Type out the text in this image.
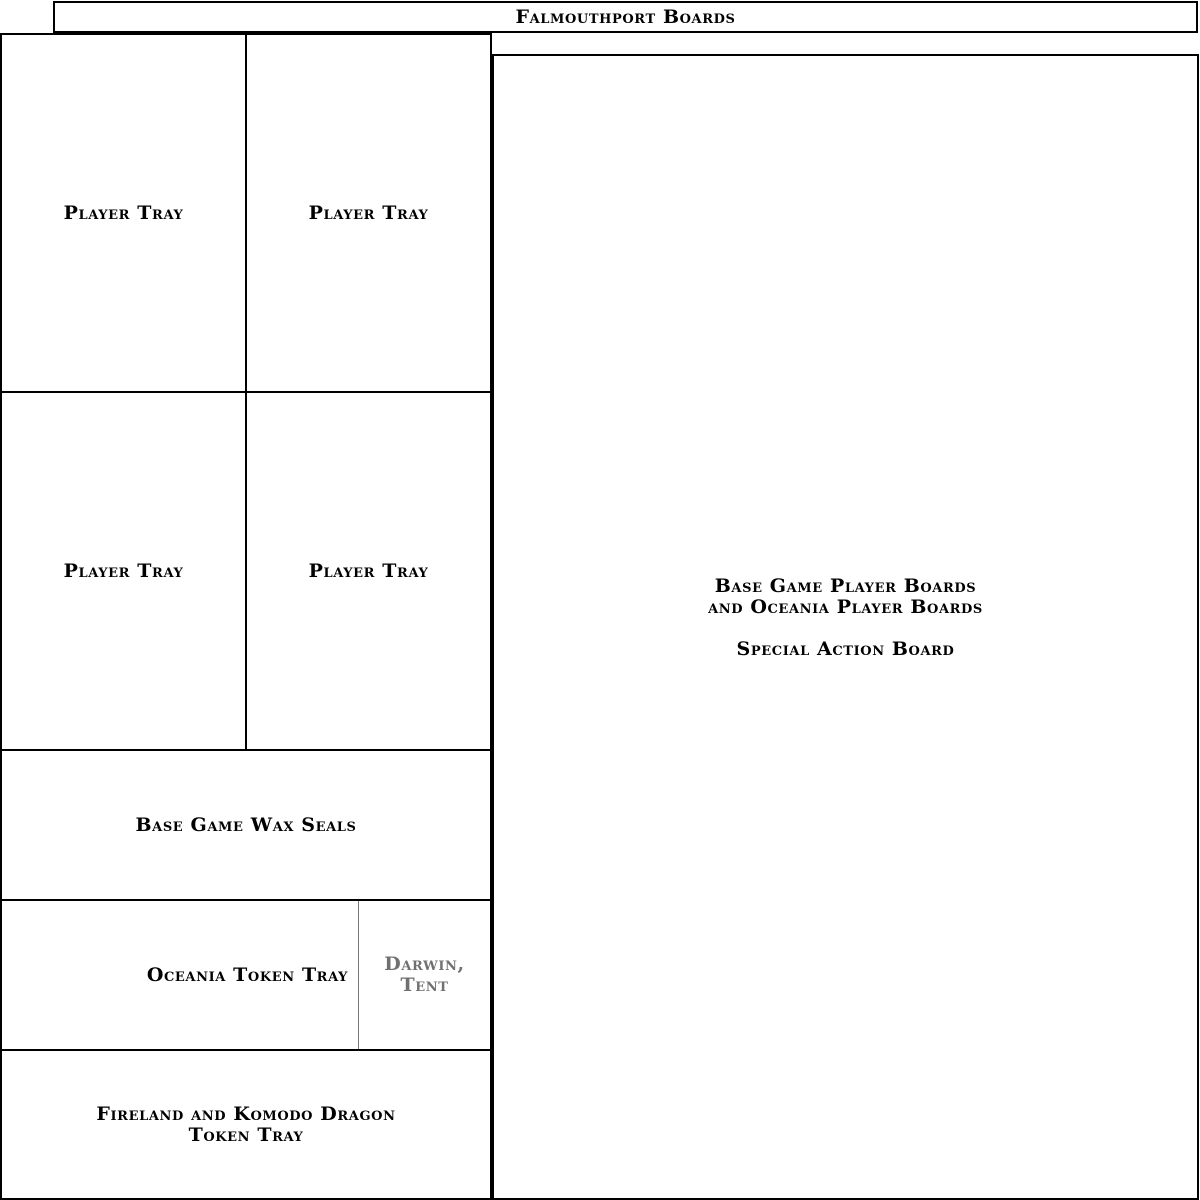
Falmouthport Boards
Player Tray	Player Tray
Player Tray	Player Tray
Base Game Wax Seals
Oceania Token Tray Darwin,
Tent
Fireland and Komodo Dragon
Token Tray
Base Game Player Boards
and Oceania Player Boards
Special Action Board
